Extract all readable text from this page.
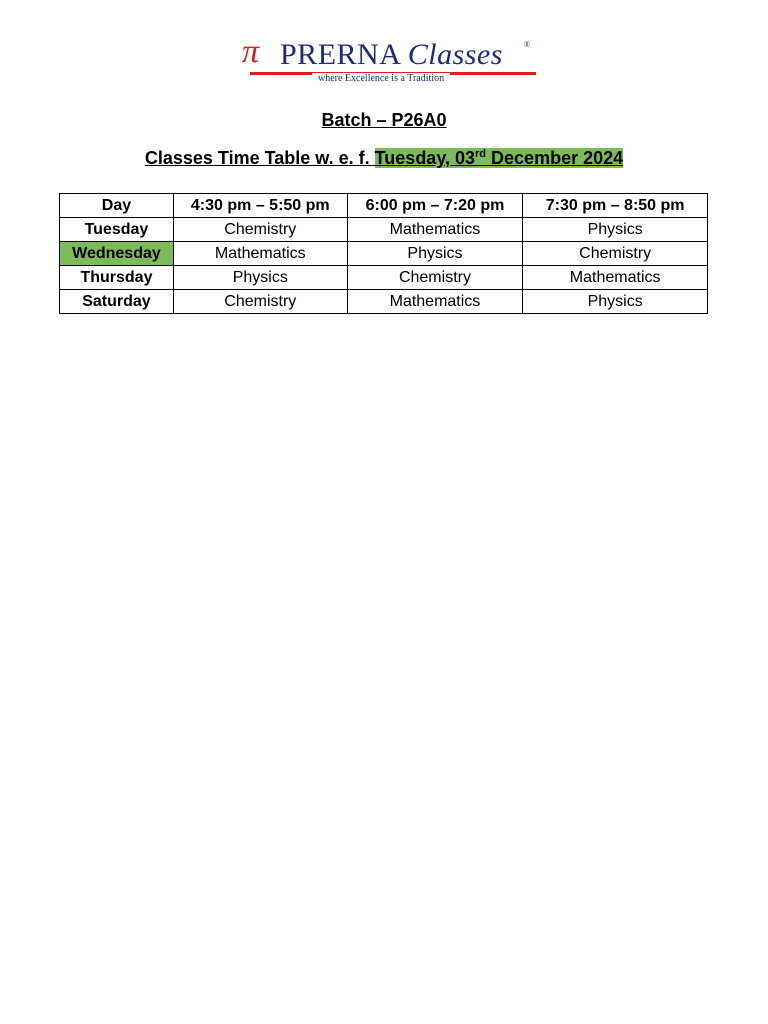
π PRERNA Classes	®
where Excellence is a Tradition
Batch – P26A0
Classes Time Table w. e. f. Tuesday, 03rd December 2024
Day	4:30 pm – 5:50 pm	6:00 pm – 7:20 pm	7:30 pm – 8:50 pm
Tuesday	Chemistry	Mathematics	Physics
Wednesday	Mathematics	Physics	Chemistry
Thursday	Physics	Chemistry	Mathematics
Saturday	Chemistry	Mathematics	Physics
